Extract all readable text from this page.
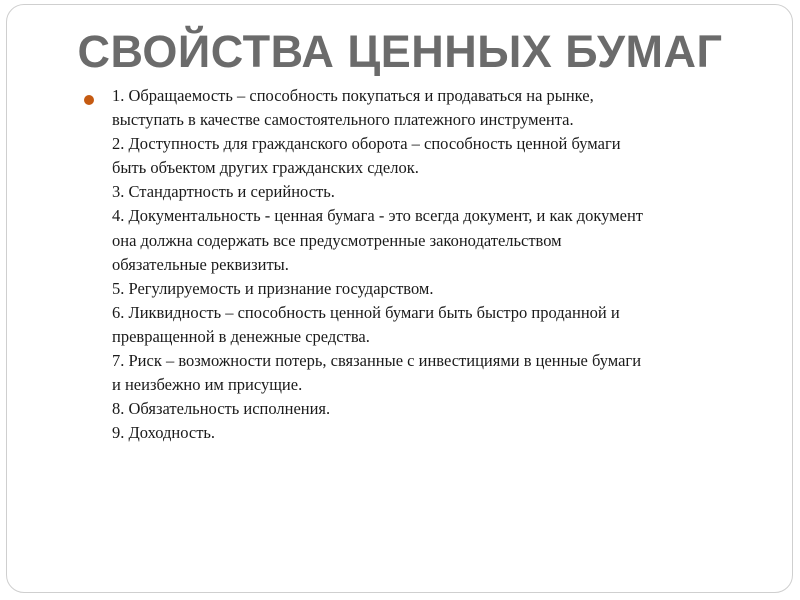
СВОЙСТВА ЦЕННЫХ БУМАГ
1. Обращаемость – способность покупаться и продаваться на рынке,
выступать в качестве самостоятельного платежного инструмента.
2. Доступность для гражданского оборота – способность ценной бумаги
быть объектом других гражданских сделок.
3. Стандартность и серийность.
4. Документальность - ценная бумага - это всегда документ, и как документ
она должна содержать все предусмотренные законодательством
обязательные реквизиты.
5. Регулируемость и признание государством.
6. Ликвидность – способность ценной бумаги быть быстро проданной и
превращенной в денежные средства.
7. Риск – возможности потерь, связанные с инвестициями в ценные бумаги
и неизбежно им присущие.
8. Обязательность исполнения.
9. Доходность.
